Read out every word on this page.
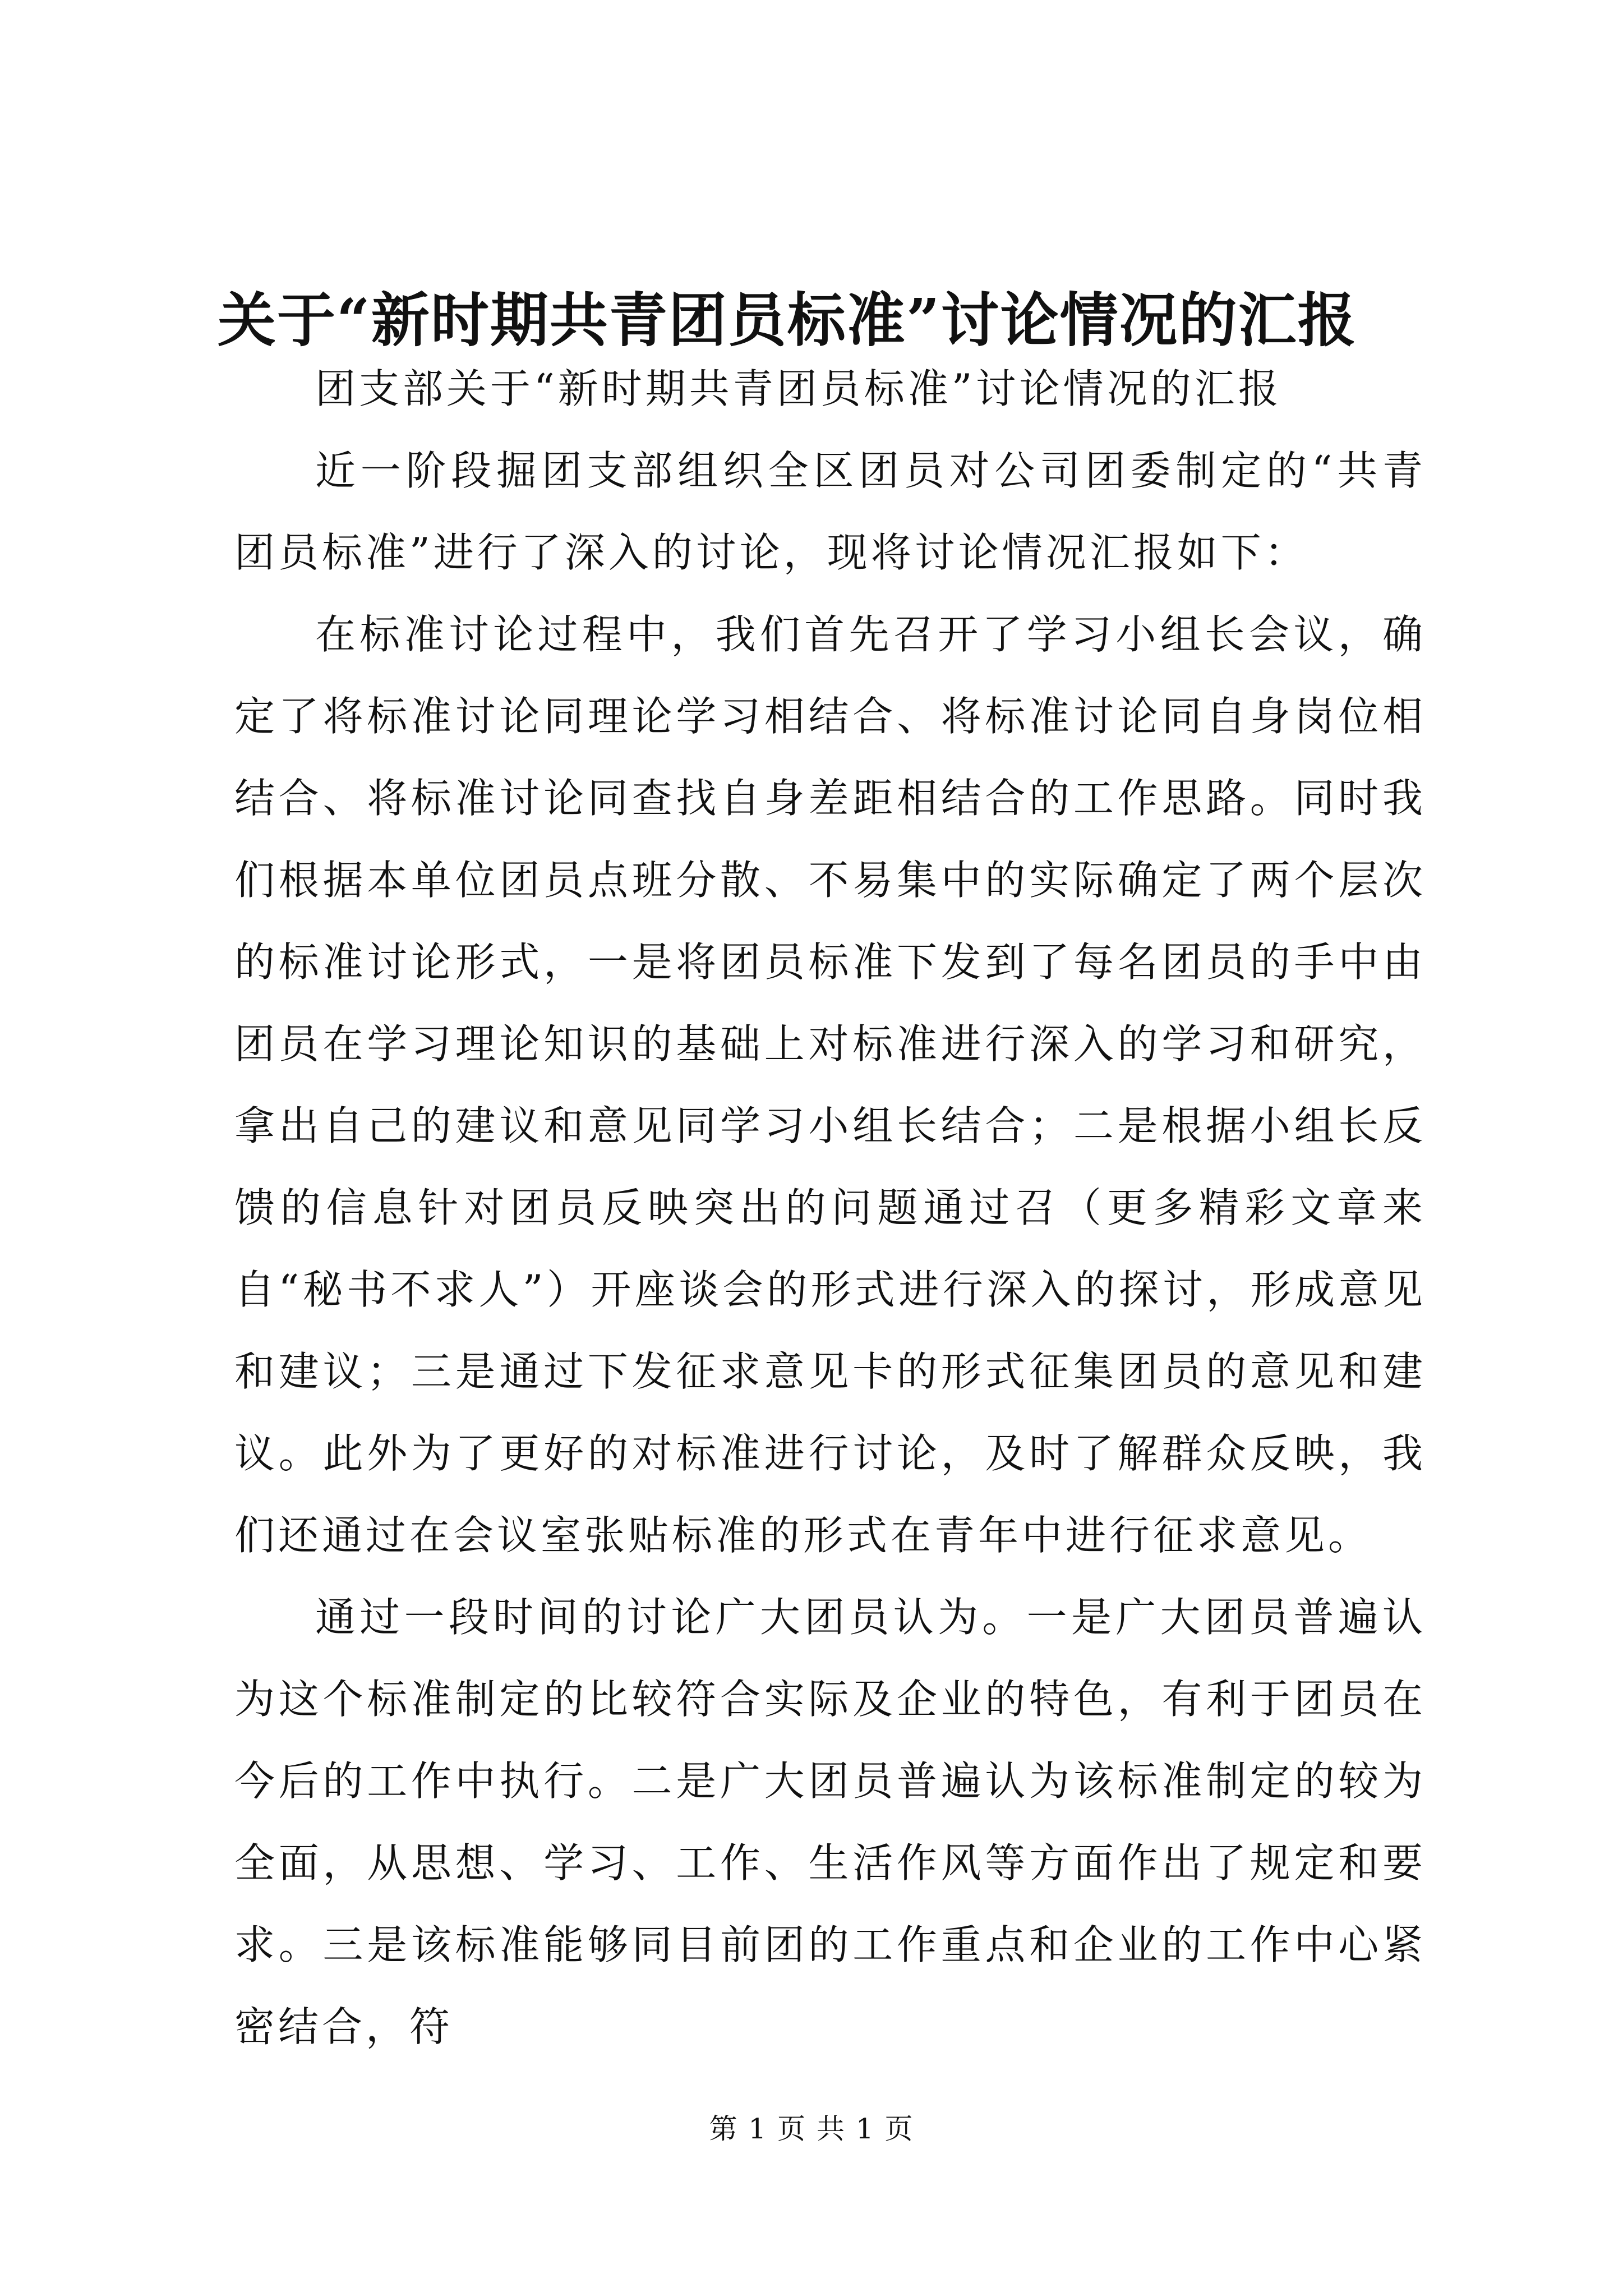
关于“新时期共青团员标准”讨论情况的汇报

团支部关于“新时期共青团员标准”讨论情况的汇报

近一阶段掘团支部组织全区团员对公司团委制定的“共青团员标准”进行了深入的讨论，现将讨论情况汇报如下：

在标准讨论过程中，我们首先召开了学习小组长会议，确定了将标准讨论同理论学习相结合、将标准讨论同自身岗位相结合、将标准讨论同查找自身差距相结合的工作思路。同时我们根据本单位团员点班分散、不易集中的实际确定了两个层次的标准讨论形式，一是将团员标准下发到了每名团员的手中由团员在学习理论知识的基础上对标准进行深入的学习和研究，拿出自己的建议和意见同学习小组长结合；二是根据小组长反馈的信息针对团员反映突出的问题通过召（更多精彩文章来自“秘书不求人”）开座谈会的形式进行深入的探讨，形成意见和建议；三是通过下发征求意见卡的形式征集团员的意见和建议。此外为了更好的对标准进行讨论，及时了解群众反映，我们还通过在会议室张贴标准的形式在青年中进行征求意见。

通过一段时间的讨论广大团员认为。一是广大团员普遍认为这个标准制定的比较符合实际及企业的特色，有利于团员在今后的工作中执行。二是广大团员普遍认为该标准制定的较为全面，从思想、学习、工作、生活作风等方面作出了规定和要求。三是该标准能够同目前团的工作重点和企业的工作中心紧密结合，符

第 1 页 共 1 页
